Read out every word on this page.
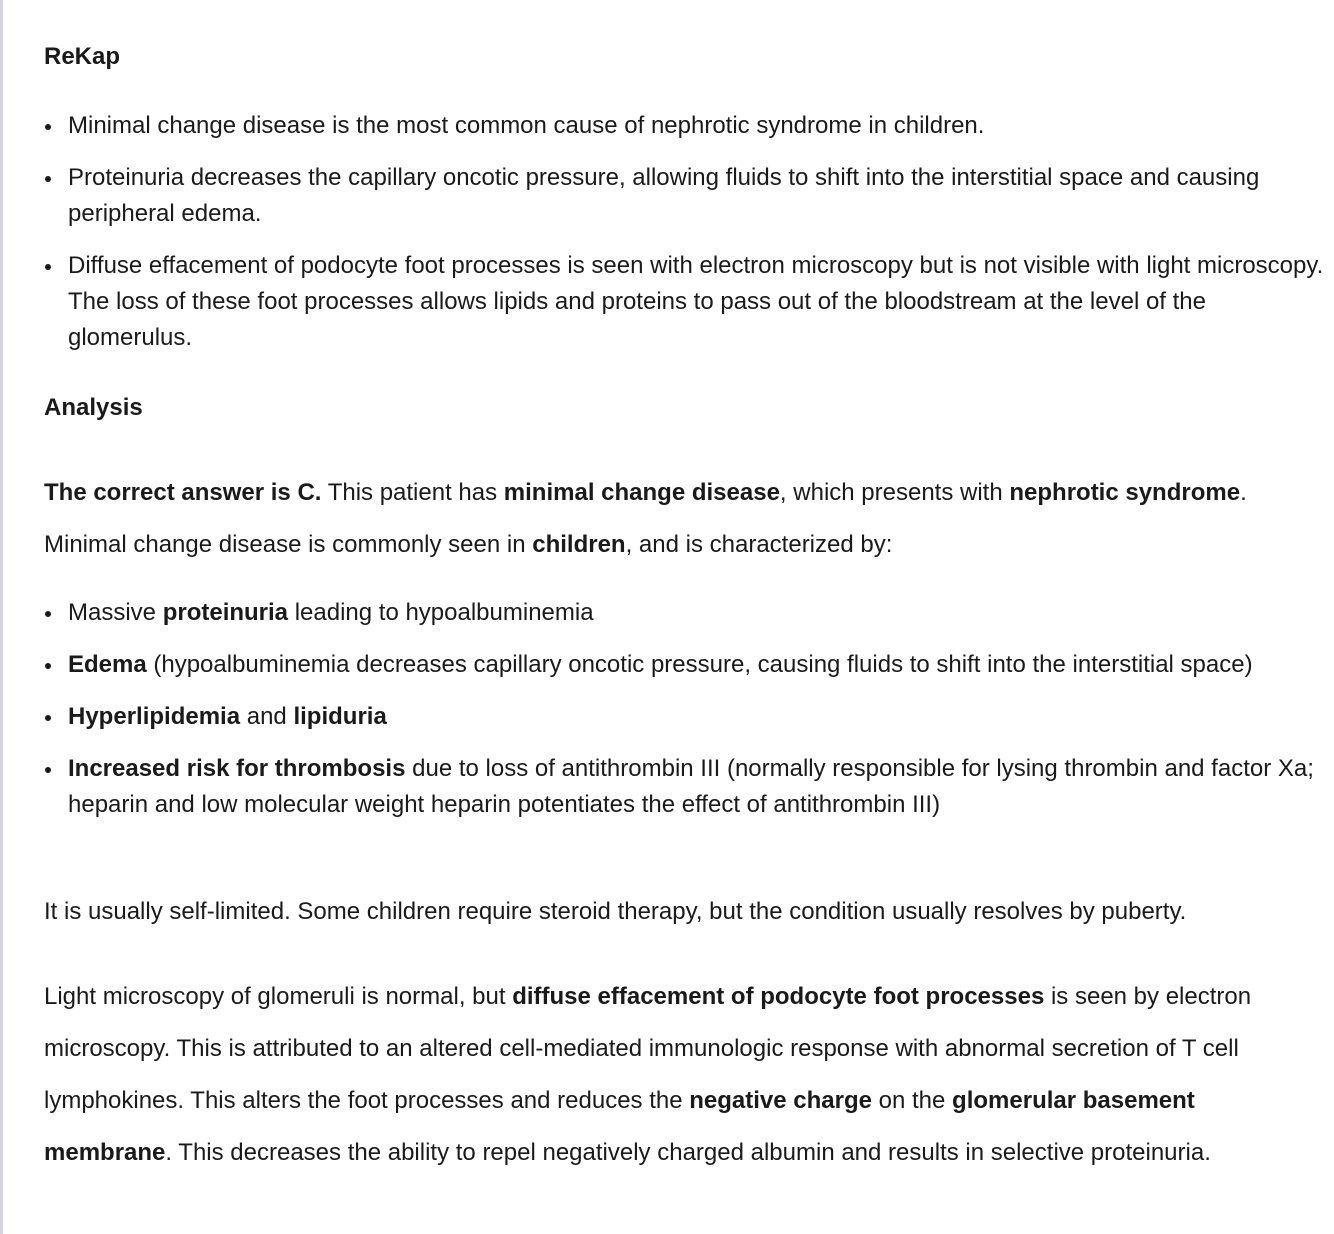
ReKap
Minimal change disease is the most common cause of nephrotic syndrome in children.
Proteinuria decreases the capillary oncotic pressure, allowing fluids to shift into the interstitial space and causing peripheral edema.
Diffuse effacement of podocyte foot processes is seen with electron microscopy but is not visible with light microscopy. The loss of these foot processes allows lipids and proteins to pass out of the bloodstream at the level of the glomerulus.
Analysis

The correct answer is C. This patient has minimal change disease, which presents with nephrotic syndrome. Minimal change disease is commonly seen in children, and is characterized by:

Massive proteinuria leading to hypoalbuminemia
Edema (hypoalbuminemia decreases capillary oncotic pressure, causing fluids to shift into the interstitial space)
Hyperlipidemia and lipiduria
Increased risk for thrombosis due to loss of antithrombin III (normally responsible for lysing thrombin and factor Xa; heparin and low molecular weight heparin potentiates the effect of antithrombin III)

It is usually self-limited. Some children require steroid therapy, but the condition usually resolves by puberty.

Light microscopy of glomeruli is normal, but diffuse effacement of podocyte foot processes is seen by electron microscopy. This is attributed to an altered cell-mediated immunologic response with abnormal secretion of T cell lymphokines. This alters the foot processes and reduces the negative charge on the glomerular basement membrane. This decreases the ability to repel negatively charged albumin and results in selective proteinuria.
